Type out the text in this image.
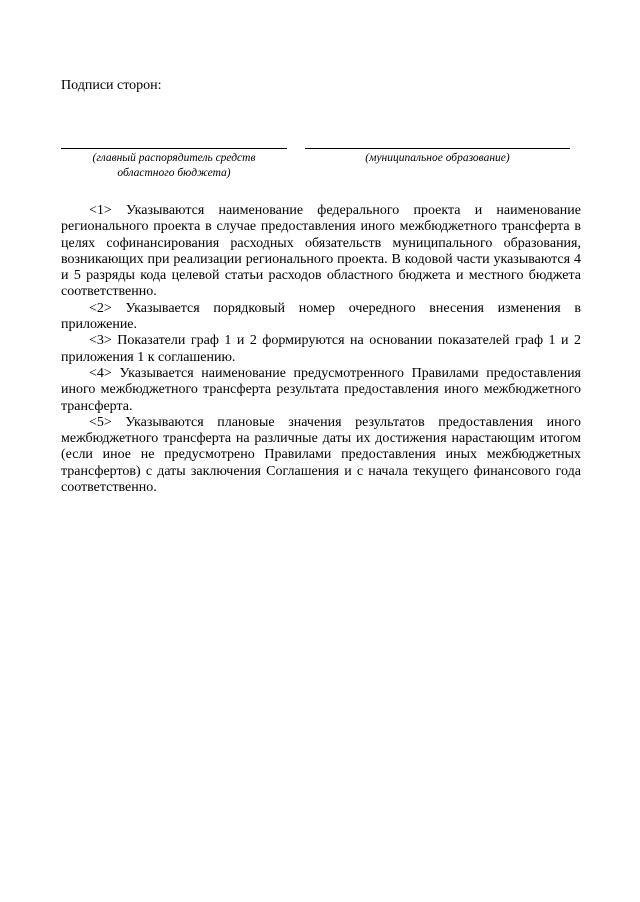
Подписи сторон:
(главный распорядитель средств
областного бюджета)
(муниципальное образование)

<1> Указываются наименование федерального проекта и наименование регионального проекта в случае предоставления иного межбюджетного трансферта в целях софинансирования расходных обязательств муниципального образования, возникающих при реализации регионального проекта. В кодовой части указываются 4 и 5 разряды кода целевой статьи расходов областного бюджета и местного бюджета соответственно.

<2> Указывается порядковый номер очередного внесения изменения в приложение.

<3> Показатели граф 1 и 2 формируются на основании показателей граф 1 и 2 приложения 1 к соглашению.

<4> Указывается наименование предусмотренного Правилами предоставления иного межбюджетного трансферта результата предоставления иного межбюджетного трансферта.

<5> Указываются плановые значения результатов предоставления иного межбюджетного трансферта на различные даты их достижения нарастающим итогом (если иное не предусмотрено Правилами предоставления иных межбюджетных трансфертов) с даты заключения Соглашения и с начала текущего финансового года соответственно.
